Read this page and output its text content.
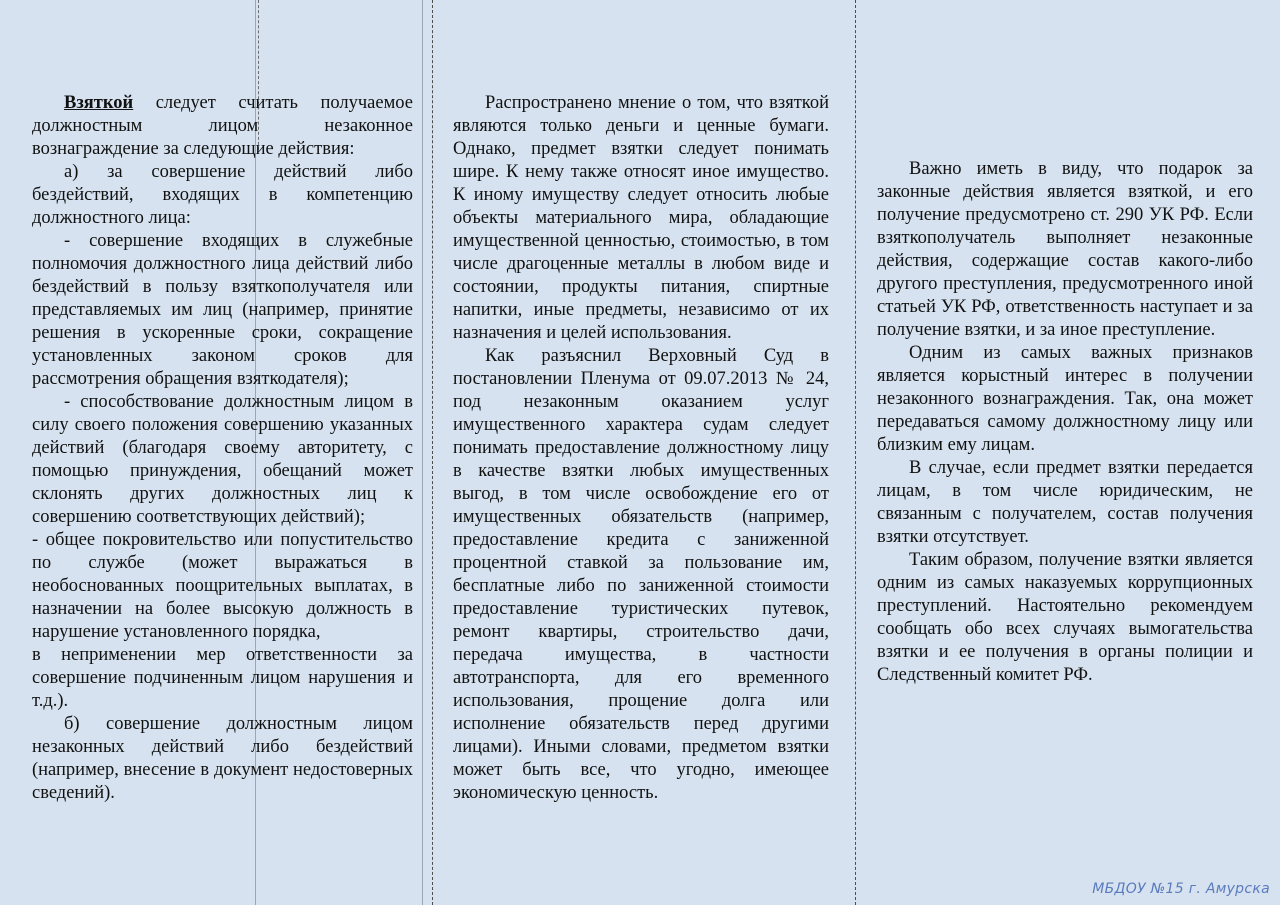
Взяткой следует считать получаемое должностным лицом незаконное вознаграждение за следующие действия:

а) за совершение действий либо бездействий, входящих в компетенцию должностного лица:

- совершение входящих в служебные полномочия должностного лица действий либо бездействий в пользу взяткополучателя или представляемых им лиц (например, принятие решения в ускоренные сроки, сокращение установленных законом сроков для рассмотрения обращения взяткодателя);

- способствование должностным лицом в силу своего положения совершению указанных действий (благодаря своему авторитету, с помощью принуждения, обещаний может склонять других должностных лиц к совершению соответствующих действий);

- общее покровительство или попустительство по службе (может выражаться в необоснованных поощрительных выплатах, в назначении на более высокую должность в нарушение установленного порядка,

в неприменении мер ответственности за совершение подчиненным лицом нарушения и т.д.).

б) совершение должностным лицом незаконных действий либо бездействий (например, внесение в документ недостоверных сведений).

Распространено мнение о том, что взяткой являются только деньги и ценные бумаги. Однако, предмет взятки следует понимать шире. К нему также относят иное имущество. К иному имуществу следует относить любые объекты материального мира, обладающие имущественной ценностью, стоимостью, в том числе драгоценные металлы в любом виде и состоянии, продукты питания, спиртные напитки, иные предметы, независимо от их назначения и целей использования.

Как разъяснил Верховный Суд в постановлении Пленума от 09.07.2013 № 24, под незаконным оказанием услуг имущественного характера судам следует понимать предоставление должностному лицу в качестве взятки любых имущественных выгод, в том числе освобождение его от имущественных обязательств (например, предоставление кредита с заниженной процентной ставкой за пользование им, бесплатные либо по заниженной стоимости предоставление туристических путевок, ремонт квартиры, строительство дачи, передача имущества, в частности автотранспорта, для его временного использования, прощение долга или исполнение обязательств перед другими лицами). Иными словами, предметом взятки может быть все, что угодно, имеющее экономическую ценность.

Важно иметь в виду, что подарок за законные действия является взяткой, и его получение предусмотрено ст. 290 УК РФ. Если взяткополучатель выполняет незаконные действия, содержащие состав какого-либо другого преступления, предусмотренного иной статьей УК РФ, ответственность наступает и за получение взятки, и за иное преступление.

Одним из самых важных признаков является корыстный интерес в получении незаконного вознаграждения. Так, она может передаваться самому должностному лицу или близким ему лицам.

В случае, если предмет взятки передается лицам, в том числе юридическим, не связанным с получателем, состав получения взятки отсутствует.

Таким образом, получение взятки является одним из самых наказуемых коррупционных преступлений. Настоятельно рекомендуем сообщать обо всех случаях вымогательства взятки и ее получения в органы полиции и Следственный комитет РФ.

МБДОУ №15 г. Амурска
